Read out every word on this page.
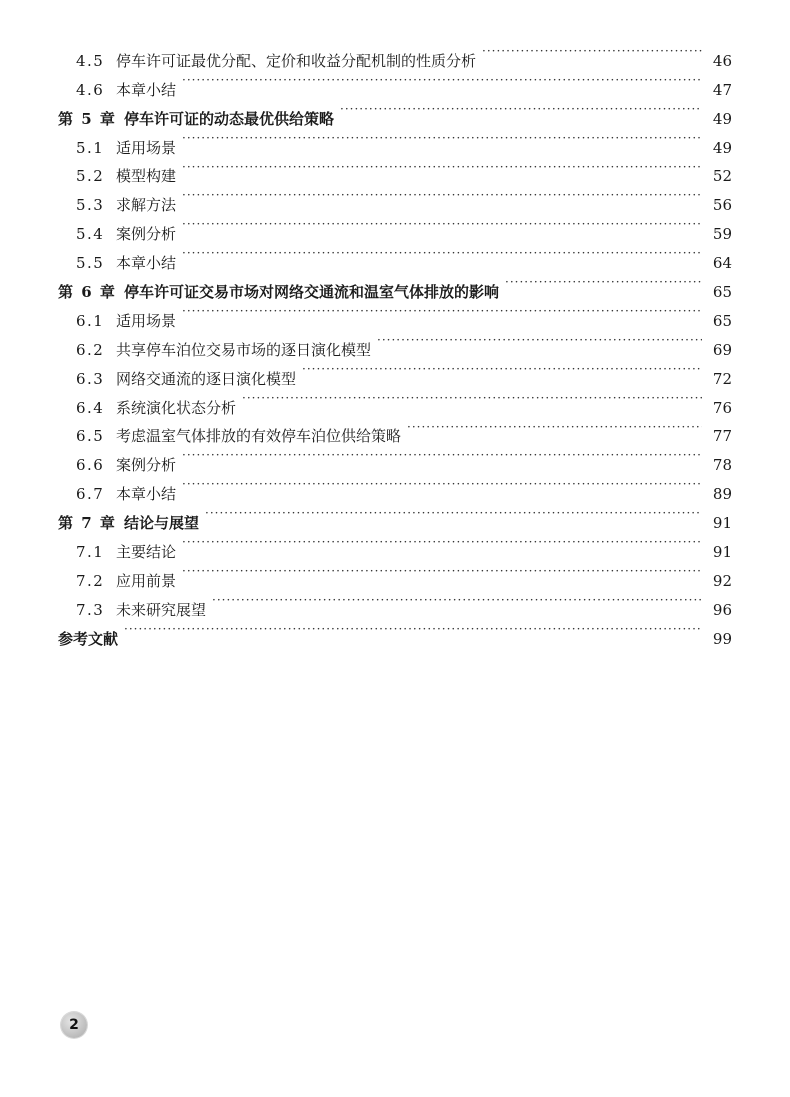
4.5 停车许可证最优分配、定价和收益分配机制的性质分析 ·····	46
4.6 本章小结 ·····	47
第 5 章 停车许可证的动态最优供给策略 ·····	49
5.1 适用场景 ·····	49
5.2 模型构建 ·····	52
5.3 求解方法 ·····	56
5.4 案例分析 ·····	59
5.5 本章小结 ·····	64
第 6 章 停车许可证交易市场对网络交通流和温室气体排放的影响 ·····	65
6.1 适用场景 ·····	65
6.2 共享停车泊位交易市场的逐日演化模型 ·····	69
6.3 网络交通流的逐日演化模型 ·····	72
6.4 系统演化状态分析 ·····	76
6.5 考虑温室气体排放的有效停车泊位供给策略 ·····	77
6.6 案例分析 ·····	78
6.7 本章小结 ·····	89
第 7 章 结论与展望 ·····	91
7.1 主要结论 ·····	91
7.2 应用前景 ·····	92
7.3 未来研究展望 ·····	96
参考文献 ·····	99
2
